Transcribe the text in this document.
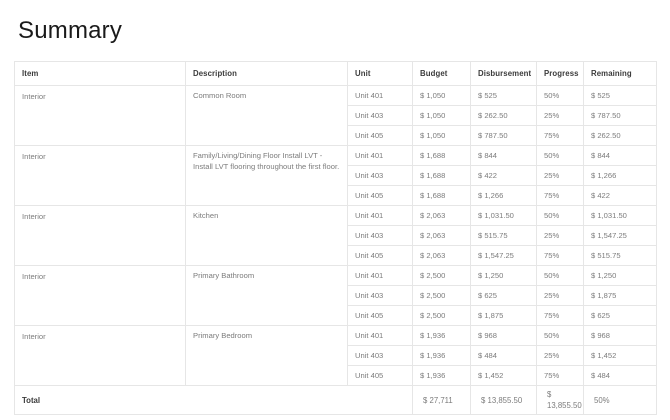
Summary
Item	Description	Unit	Budget	Disbursement	Progress	Remaining
Interior	Common Room	Unit 401	$ 1,050	$ 525	50%	$ 525
		Unit 403	$ 1,050	$ 262.50	25%	$ 787.50
		Unit 405	$ 1,050	$ 787.50	75%	$ 262.50
Interior	Family/Living/Dining Floor Install LVT - Install LVT flooring throughout the first floor.	Unit 401	$ 1,688	$ 844	50%	$ 844
		Unit 403	$ 1,688	$ 422	25%	$ 1,266
		Unit 405	$ 1,688	$ 1,266	75%	$ 422
Interior	Kitchen	Unit 401	$ 2,063	$ 1,031.50	50%	$ 1,031.50
		Unit 403	$ 2,063	$ 515.75	25%	$ 1,547.25
		Unit 405	$ 2,063	$ 1,547.25	75%	$ 515.75
Interior	Primary Bathroom	Unit 401	$ 2,500	$ 1,250	50%	$ 1,250
		Unit 403	$ 2,500	$ 625	25%	$ 1,875
		Unit 405	$ 2,500	$ 1,875	75%	$ 625
Interior	Primary Bedroom	Unit 401	$ 1,936	$ 968	50%	$ 968
		Unit 403	$ 1,936	$ 484	25%	$ 1,452
		Unit 405	$ 1,936	$ 1,452	75%	$ 484
Total			$ 27,711	$ 13,855.50	$ 13,855.50	50%
